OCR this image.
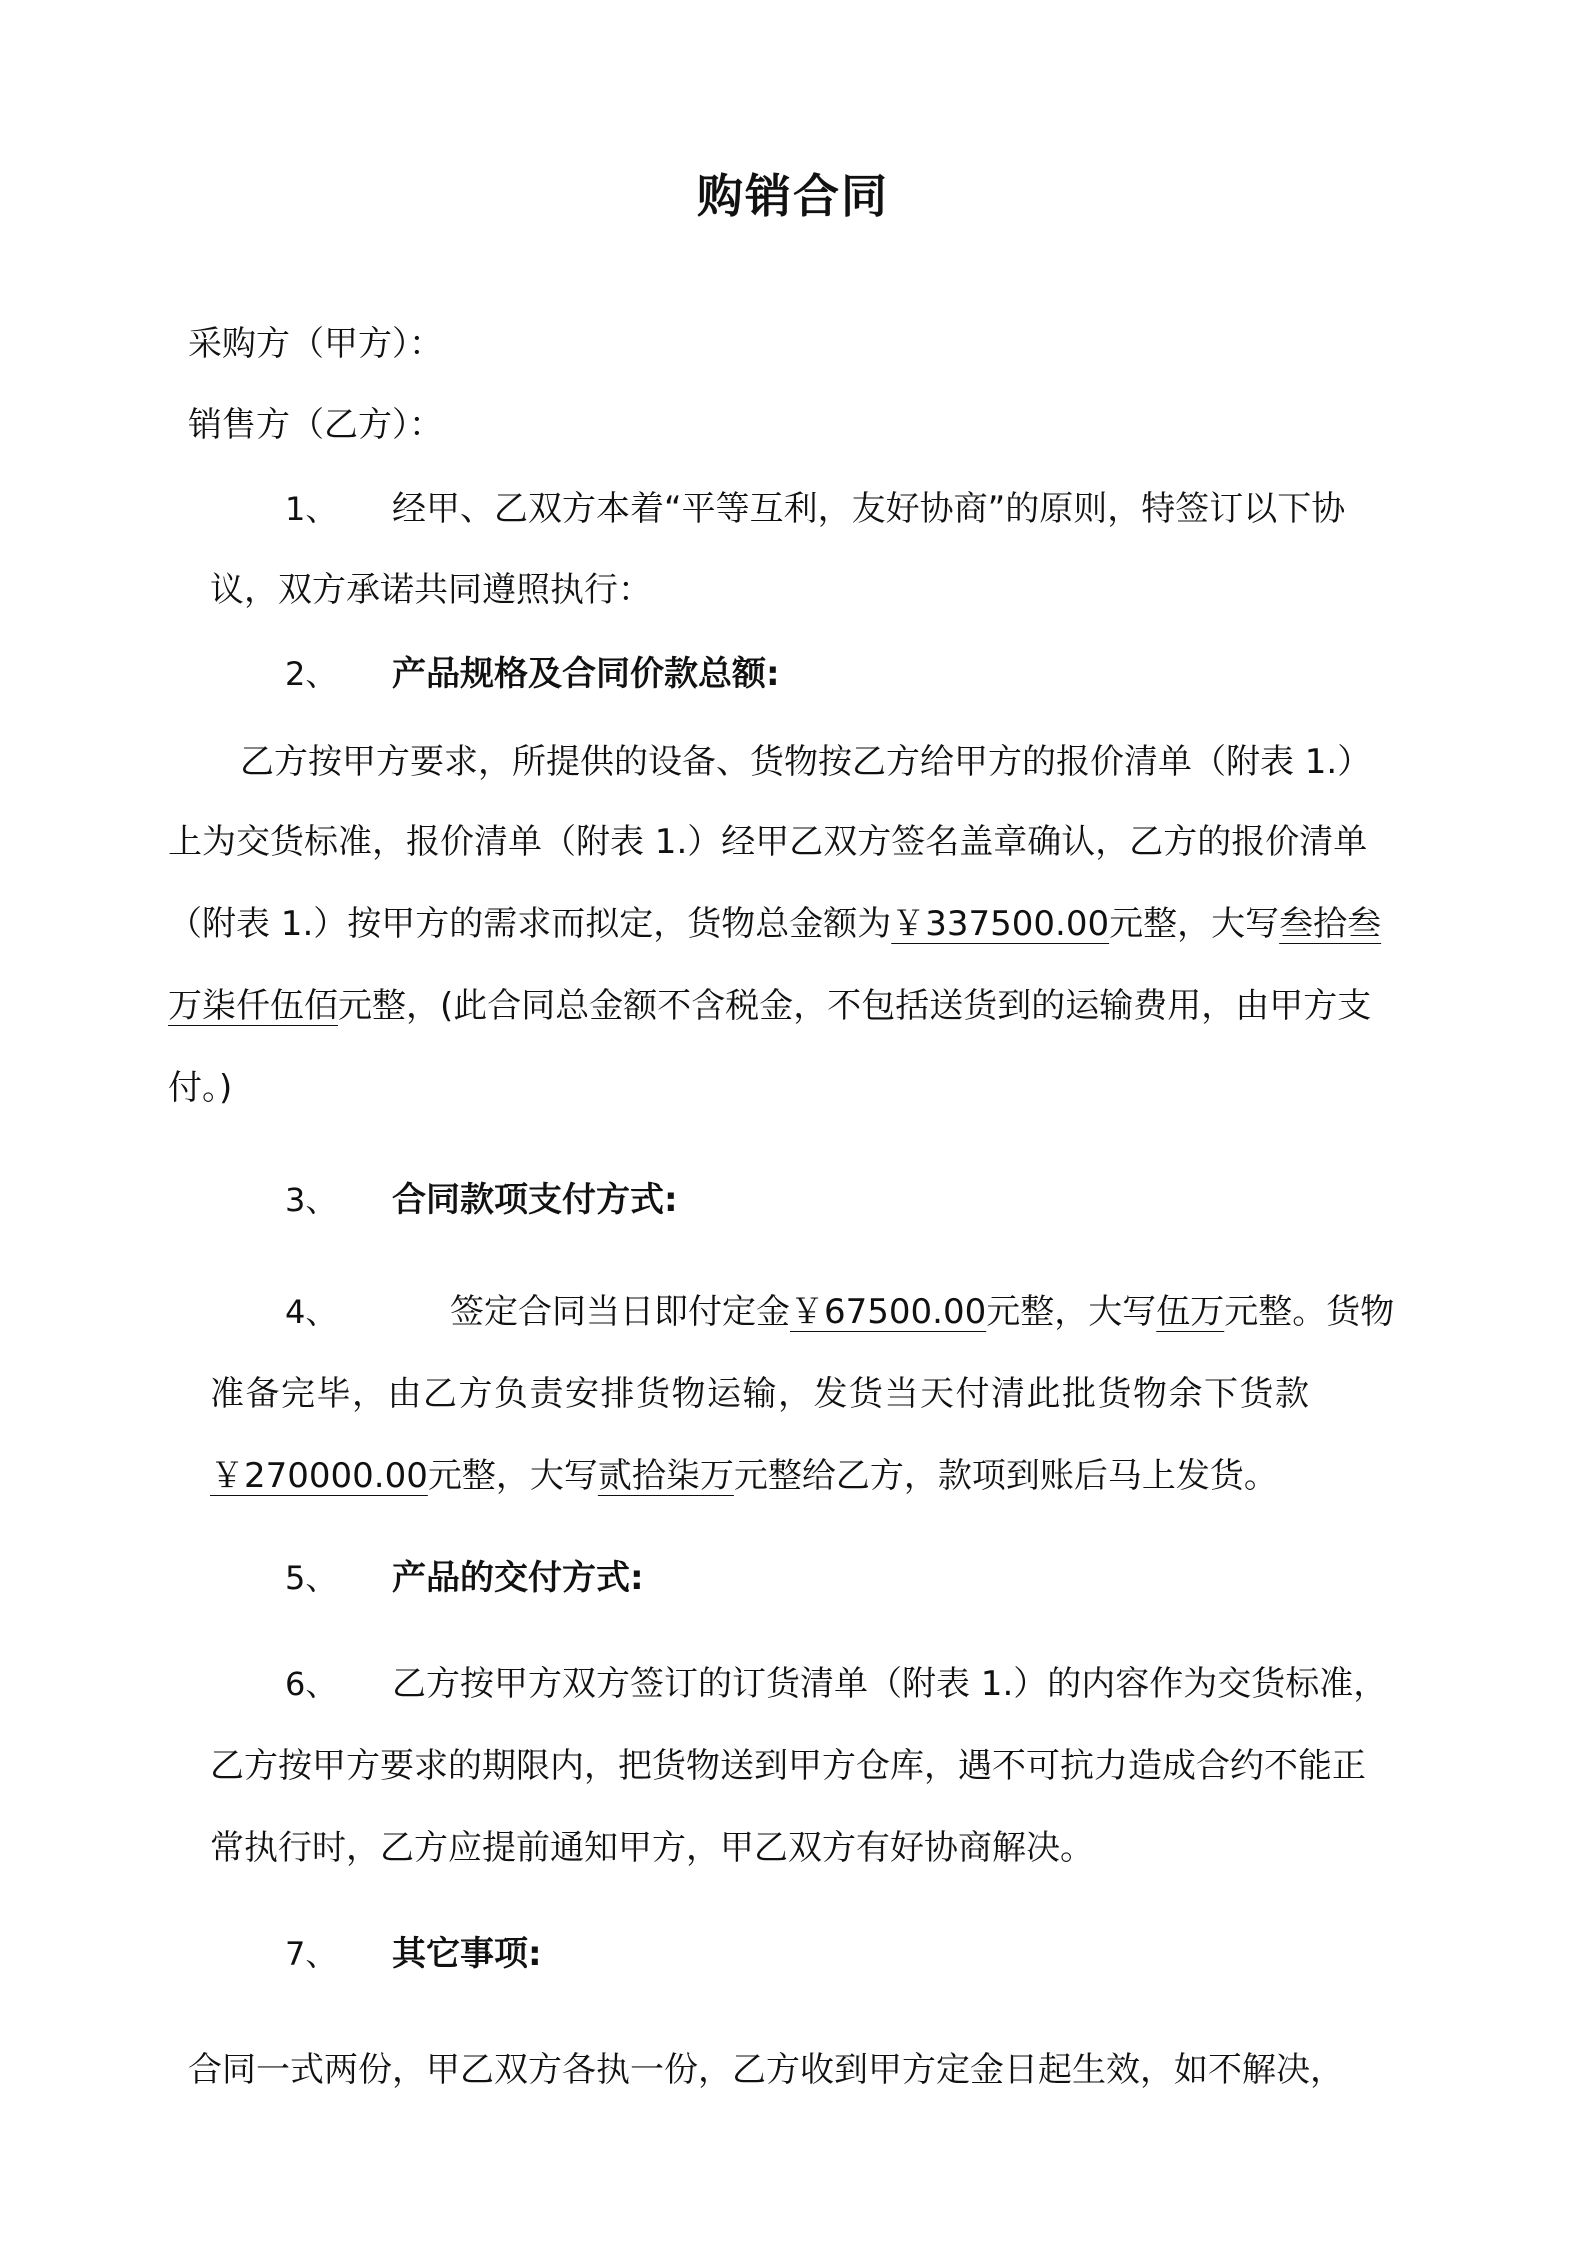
购销合同
采购方（甲方）：
销售方（乙方）：
1、 经甲、乙双方本着“平等互利，友好协商”的原则，特签订以下协
议，双方承诺共同遵照执行：
2、 产品规格及合同价款总额:
乙方按甲方要求，所提供的设备、货物按乙方给甲方的报价清单（附表 1.）
上为交货标准，报价清单（附表 1.）经甲乙双方签名盖章确认，乙方的报价清单
（附表 1.）按甲方的需求而拟定，货物总金额为￥337500.00元整，大写叁拾叁
万柒仟伍佰元整，(此合同总金额不含税金，不包括送货到的运输费用，由甲方支
付。)
3、 合同款项支付方式:
4、	签定合同当日即付定金￥67500.00元整，大写伍万元整。货物
准备完毕，由乙方负责安排货物运输，发货当天付清此批货物余下货款
￥270000.00元整，大写贰拾柒万元整给乙方，款项到账后马上发货。
5、 产品的交付方式:
6、 乙方按甲方双方签订的订货清单（附表 1.）的内容作为交货标准，
乙方按甲方要求的期限内，把货物送到甲方仓库，遇不可抗力造成合约不能正
常执行时，乙方应提前通知甲方，甲乙双方有好协商解决。
7、 其它事项:
合同一式两份，甲乙双方各执一份，乙方收到甲方定金日起生效，如不解决，
